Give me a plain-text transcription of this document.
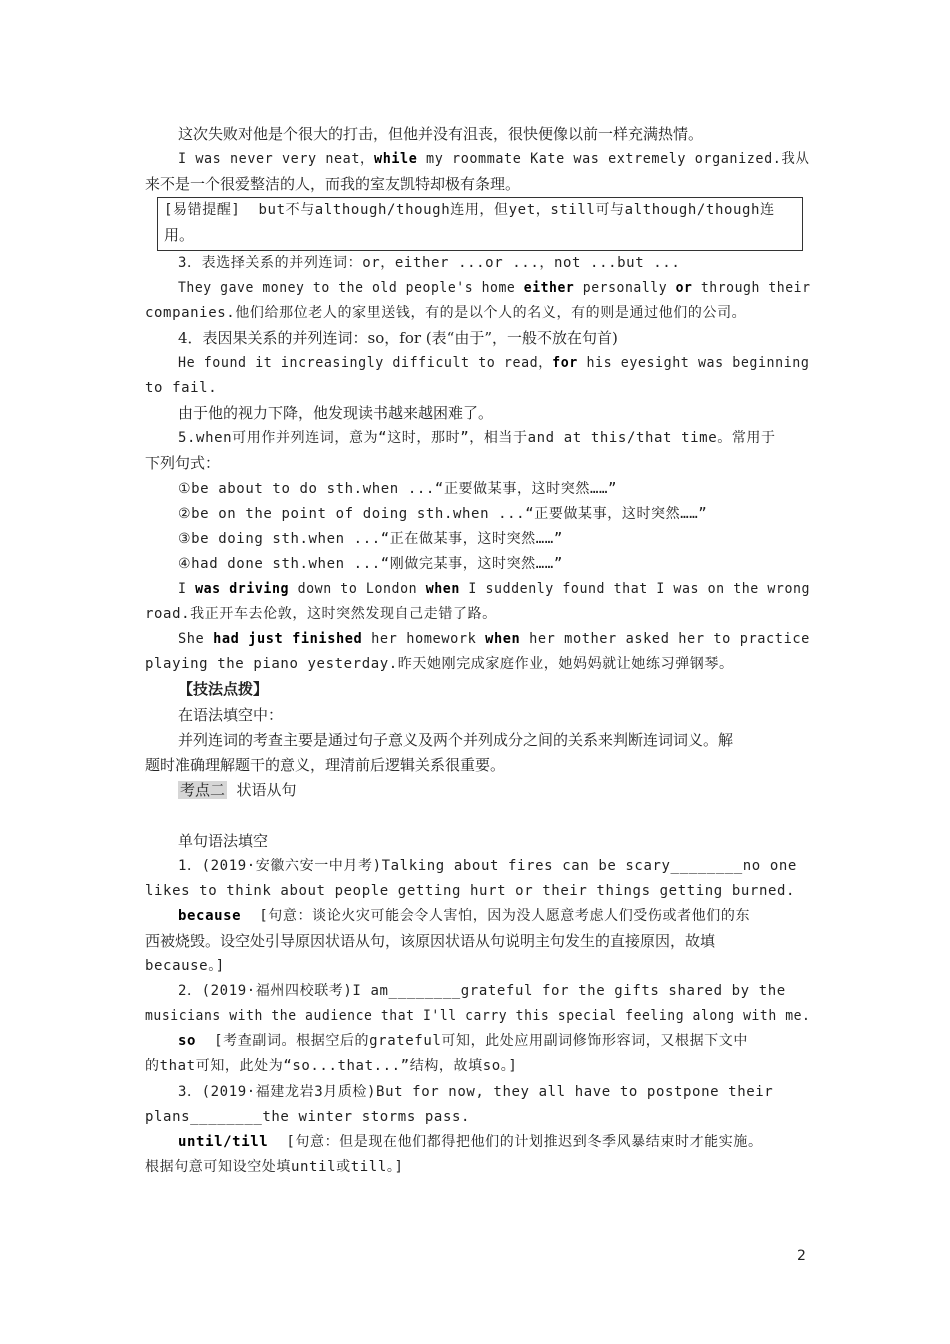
这次失败对他是个很大的打击，但他并没有沮丧，很快便像以前一样充满热情。
I was never very neat，while my roommate Kate was extremely organized.我从
来不是一个很爱整洁的人，而我的室友凯特却极有条理。
[易错提醒]  but不与although/though连用，但yet，still可与although/though连
用。
3．表选择关系的并列连词：or，either ...or ...，not ...but ...
They gave money to the old people's home either personally or through their
companies.他们给那位老人的家里送钱，有的是以个人的名义，有的则是通过他们的公司。
4．表因果关系的并列连词：so，for (表“由于”，一般不放在句首)
He found it increasingly difficult to read，for his eyesight was beginning
to fail.
由于他的视力下降，他发现读书越来越困难了。
5.when可用作并列连词，意为“这时，那时”，相当于and at this/that time。常用于
下列句式：
①be about to do sth.when ...“正要做某事，这时突然……”
②be on the point of doing sth.when ...“正要做某事，这时突然……”
③be doing sth.when ...“正在做某事，这时突然……”
④had done sth.when ...“刚做完某事，这时突然……”
I was driving down to London when I suddenly found that I was on the wrong
road.我正开车去伦敦，这时突然发现自己走错了路。
She had just finished her homework when her mother asked her to practice
playing the piano yesterday.昨天她刚完成家庭作业，她妈妈就让她练习弹钢琴。
【技法点拨】
在语法填空中：
并列连词的考查主要是通过句子意义及两个并列成分之间的关系来判断连词词义。解
题时准确理解题干的意义，理清前后逻辑关系很重要。
考点二  状语从句
单句语法填空
1．(2019·安徽六安一中月考)Talking about fires can be scary________no one
likes to think about people getting hurt or their things getting burned.
because  [句意：谈论火灾可能会令人害怕，因为没人愿意考虑人们受伤或者他们的东
西被烧毁。设空处引导原因状语从句，该原因状语从句说明主句发生的直接原因，故填
because。]
2．(2019·福州四校联考)I am________grateful for the gifts shared by the
musicians with the audience that I'll carry this special feeling along with me.
so  [考查副词。根据空后的grateful可知，此处应用副词修饰形容词，又根据下文中
的that可知，此处为“so...that...”结构，故填so。]
3．(2019·福建龙岩3月质检)But for now, they all have to postpone their
plans________the winter storms pass.
until/till  [句意：但是现在他们都得把他们的计划推迟到冬季风暴结束时才能实施。
根据句意可知设空处填until或till。]
2
